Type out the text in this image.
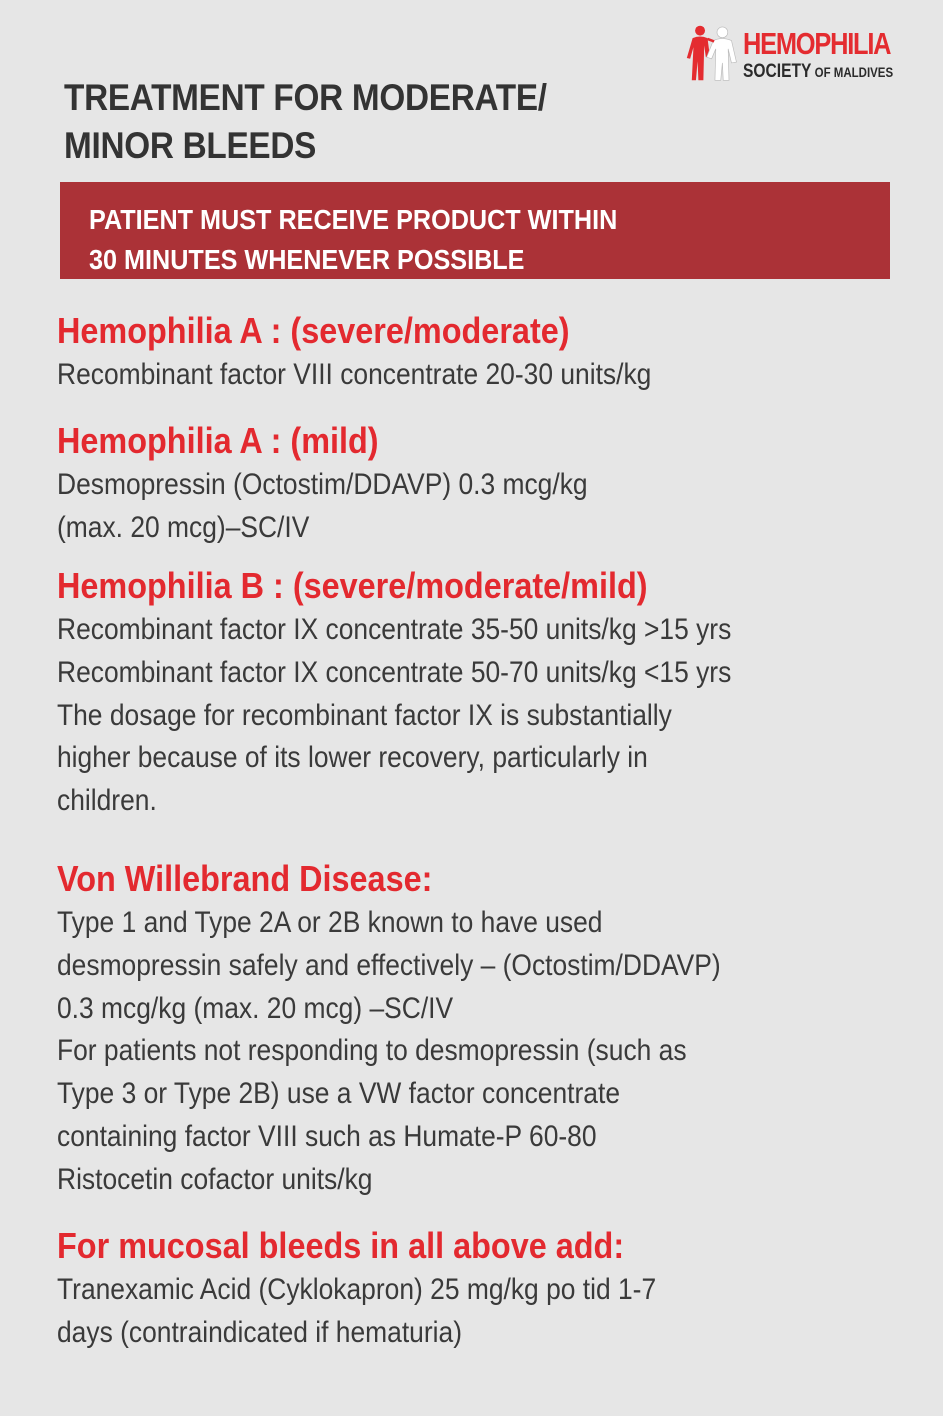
HEMOPHILIA
SOCIETY OF MALDIVES
TREATMENT FOR MODERATE/
MINOR BLEEDS
PATIENT MUST RECEIVE PRODUCT WITHIN
30 MINUTES WHENEVER POSSIBLE
Hemophilia A : (severe/moderate)
Recombinant factor VIII concentrate 20-30 units/kg
Hemophilia A : (mild)
Desmopressin (Octostim/DDAVP) 0.3 mcg/kg
(max. 20 mcg)–SC/IV
Hemophilia B : (severe/moderate/mild)
Recombinant factor IX concentrate 35-50 units/kg >15 yrs
Recombinant factor IX concentrate 50-70 units/kg <15 yrs
The dosage for recombinant factor IX is substantially
higher because of its lower recovery, particularly in
children.
Von Willebrand Disease:
Type 1 and Type 2A or 2B known to have used
desmopressin safely and effectively – (Octostim/DDAVP)
0.3 mcg/kg (max. 20 mcg) –SC/IV
For patients not responding to desmopressin (such as
Type 3 or Type 2B) use a VW factor concentrate
containing factor VIII such as Humate-P 60-80
Ristocetin cofactor units/kg
For mucosal bleeds in all above add:
Tranexamic Acid (Cyklokapron) 25 mg/kg po tid 1-7
days (contraindicated if hematuria)
